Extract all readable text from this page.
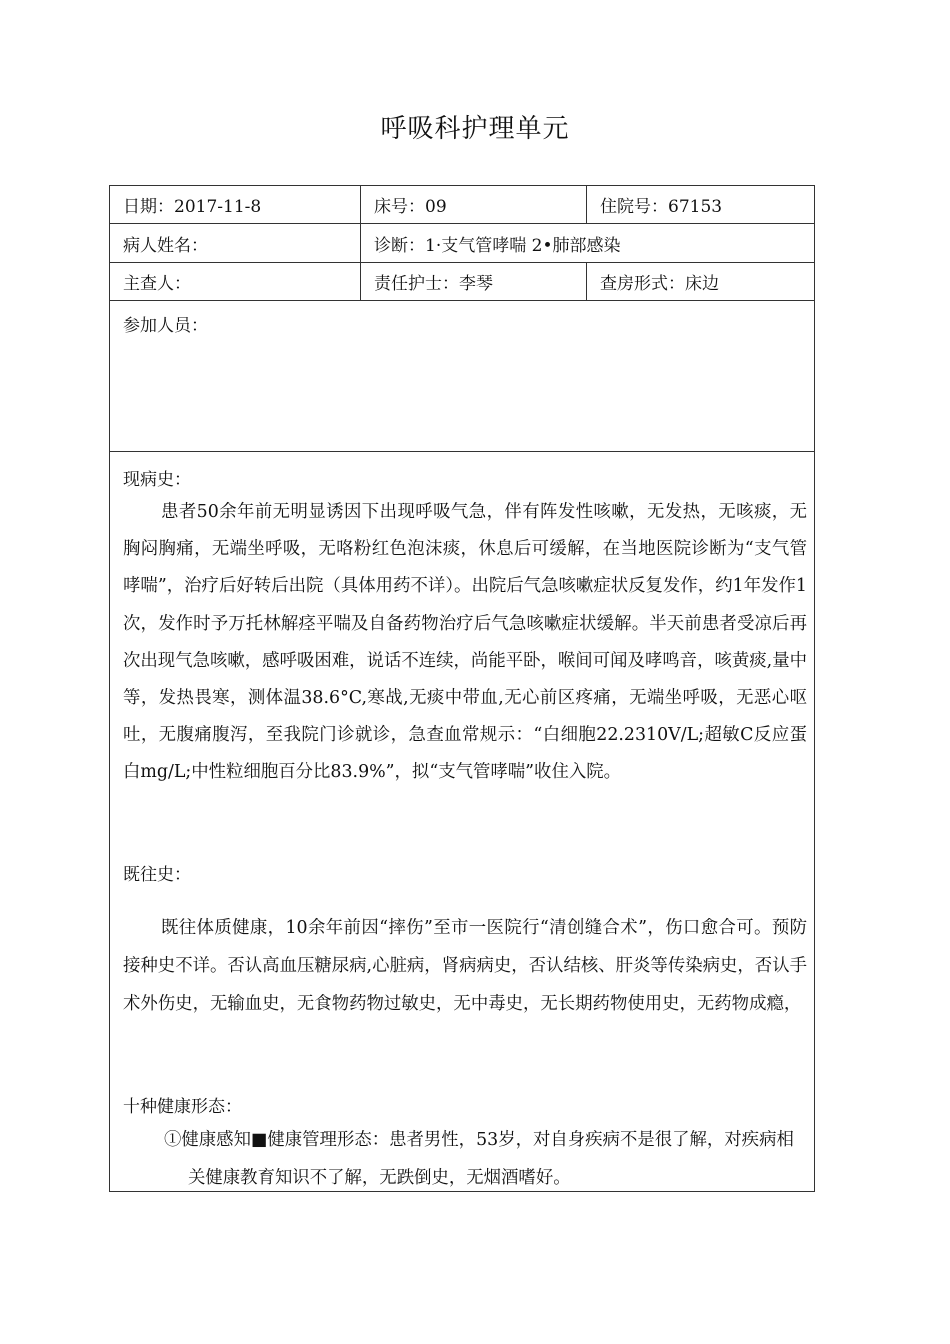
呼吸科护理单元
日期：2017-11-8	床号：09	住院号：67153
病人姓名：	诊断：1·支气管哮喘 2•肺部感染
主查人：	责任护士：李琴	查房形式：床边
参加人员：
现病史：
患者50余年前无明显诱因下出现呼吸气急，伴有阵发性咳嗽，无发热，无咳痰，无胸闷胸痛，无端坐呼吸，无咯粉红色泡沫痰，休息后可缓解，在当地医院诊断为“支气管哮喘”，治疗后好转后出院（具体用药不详）。出院后气急咳嗽症状反复发作，约1年发作1次，发作时予万托林解痉平喘及自备药物治疗后气急咳嗽症状缓解。半天前患者受凉后再次出现气急咳嗽，感呼吸困难，说话不连续，尚能平卧，喉间可闻及哮鸣音，咳黄痰,量中等，发热畏寒，测体温38.6°C,寒战,无痰中带血,无心前区疼痛，无端坐呼吸，无恶心呕吐，无腹痛腹泻，至我院门诊就诊，急查血常规示：“白细胞22.2310V/L;超敏C反应蛋白mg/L;中性粒细胞百分比83.9%”，拟“支气管哮喘”收住入院。
既往史：
既往体质健康，10余年前因“摔伤”至市一医院行“清创缝合术”，伤口愈合可。预防接种史不详。否认高血压糖尿病,心脏病，肾病病史，否认结核、肝炎等传染病史，否认手术外伤史，无输血史，无食物药物过敏史，无中毒史，无长期药物使用史，无药物成瘾，
十种健康形态：
①健康感知■健康管理形态：患者男性，53岁，对自身疾病不是很了解，对疾病相关健康教育知识不了解，无跌倒史，无烟酒嗜好。
